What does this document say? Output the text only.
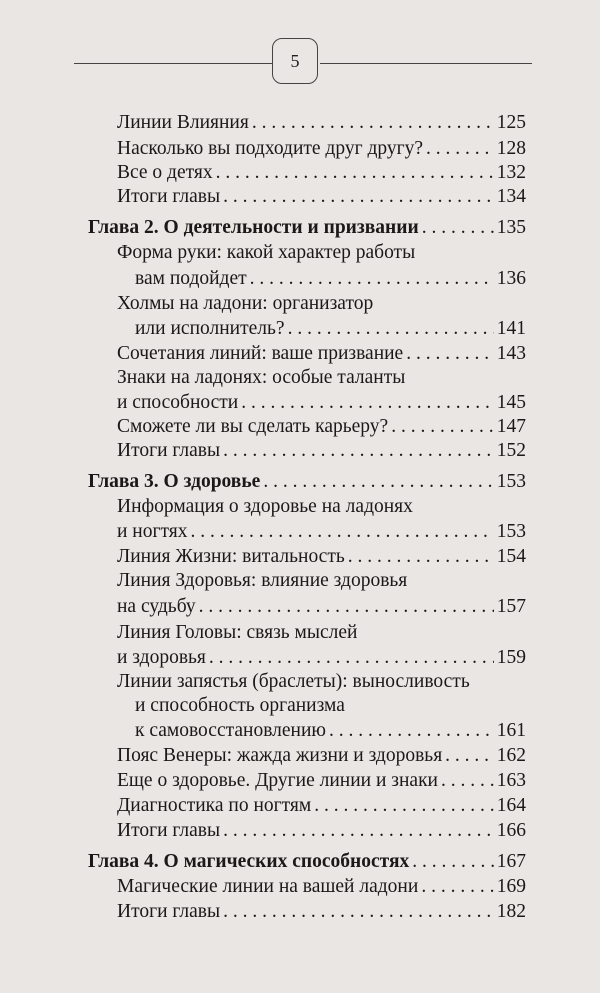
5
Линии Влияния . . .	125
Насколько вы подходите друг другу? . . .	128
Все о детях . . .	132
Итоги главы . . .	134
Глава 2. О деятельности и призвании . . .	135
Форма руки: какой характер работы
вам подойдет . . .	136
Холмы на ладони: организатор
или исполнитель? . . .	141
Сочетания линий: ваше призвание . . .	143
Знаки на ладонях: особые таланты
и способности . . .	145
Сможете ли вы сделать карьеру? . . .	147
Итоги главы . . .	152
Глава 3. О здоровье . . .	153
Информация о здоровье на ладонях
и ногтях . . .	153
Линия Жизни: витальность . . .	154
Линия Здоровья: влияние здоровья
на судьбу . . .	157
Линия Головы: связь мыслей
и здоровья . . .	159
Линии запястья (браслеты): выносливость
и способность организма
к самовосстановлению . . .	161
Пояс Венеры: жажда жизни и здоровья . . .	162
Еще о здоровье. Другие линии и знаки . . .	163
Диагностика по ногтям . . .	164
Итоги главы . . .	166
Глава 4. О магических способностях . . .	167
Магические линии на вашей ладони . . .	169
Итоги главы . . .	182
